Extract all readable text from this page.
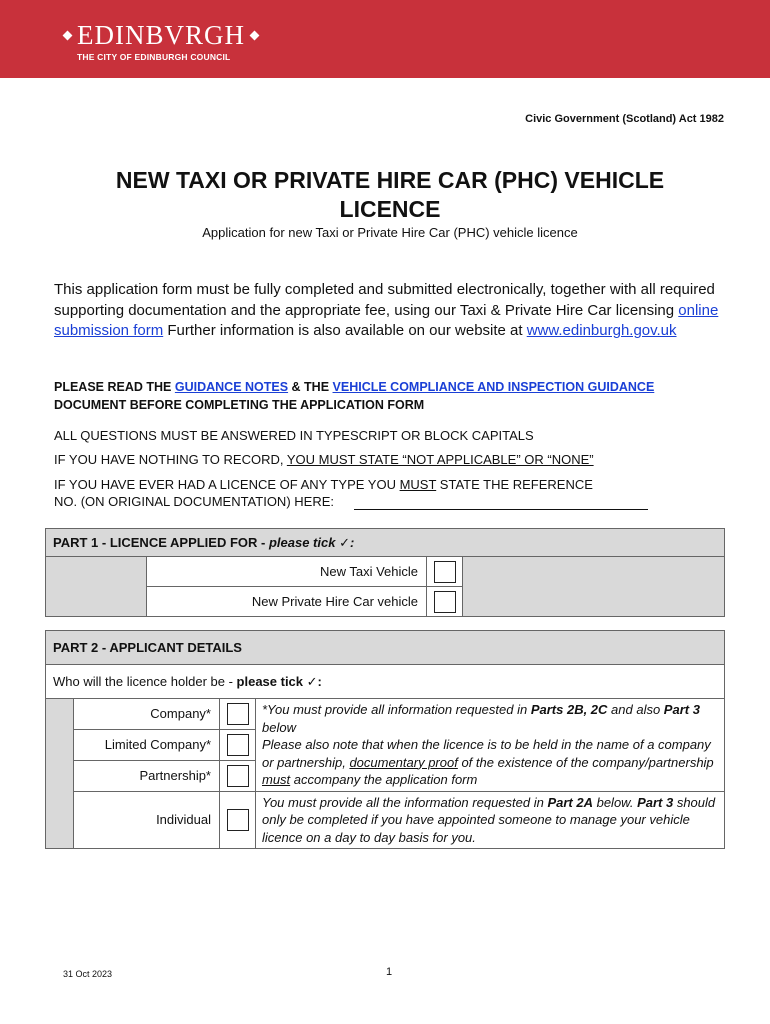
EDINBVRGH
THE CITY OF EDINBURGH COUNCIL
Civic Government (Scotland) Act 1982
NEW TAXI OR PRIVATE HIRE CAR (PHC) VEHICLE
LICENCE
Application for new Taxi or Private Hire Car (PHC) vehicle licence
This application form must be fully completed and submitted electronically, together with all required supporting documentation and the appropriate fee, using our Taxi & Private Hire Car licensing online submission form Further information is also available on our website at www.edinburgh.gov.uk
PLEASE READ THE GUIDANCE NOTES & THE VEHICLE COMPLIANCE AND INSPECTION GUIDANCE DOCUMENT BEFORE COMPLETING THE APPLICATION FORM
ALL QUESTIONS MUST BE ANSWERED IN TYPESCRIPT OR BLOCK CAPITALS
IF YOU HAVE NOTHING TO RECORD, YOU MUST STATE “NOT APPLICABLE” OR “NONE”
IF YOU HAVE EVER HAD A LICENCE OF ANY TYPE YOU MUST STATE THE REFERENCE
NO. (ON ORIGINAL DOCUMENTATION) HERE:
PART 1 - LICENCE APPLIED FOR - please tick ✓:			
	New Taxi Vehicle		
	New Private Hire Car vehicle		
PART 2 - APPLICANT DETAILS			
Who will the licence holder be - please tick ✓:			
	Company*		*You must provide all information requested in Parts 2B, 2C and also Part 3 below
Please also note that when the licence is to be held in the name of a company or partnership, documentary proof of the existence of the company/partnership must accompany the application form
	Limited Company*		
	Partnership*		
	Individual		You must provide all the information requested in Part 2A below. Part 3 should only be completed if you have appointed someone to manage your vehicle licence on a day to day basis for you.
31 Oct 2023	1
